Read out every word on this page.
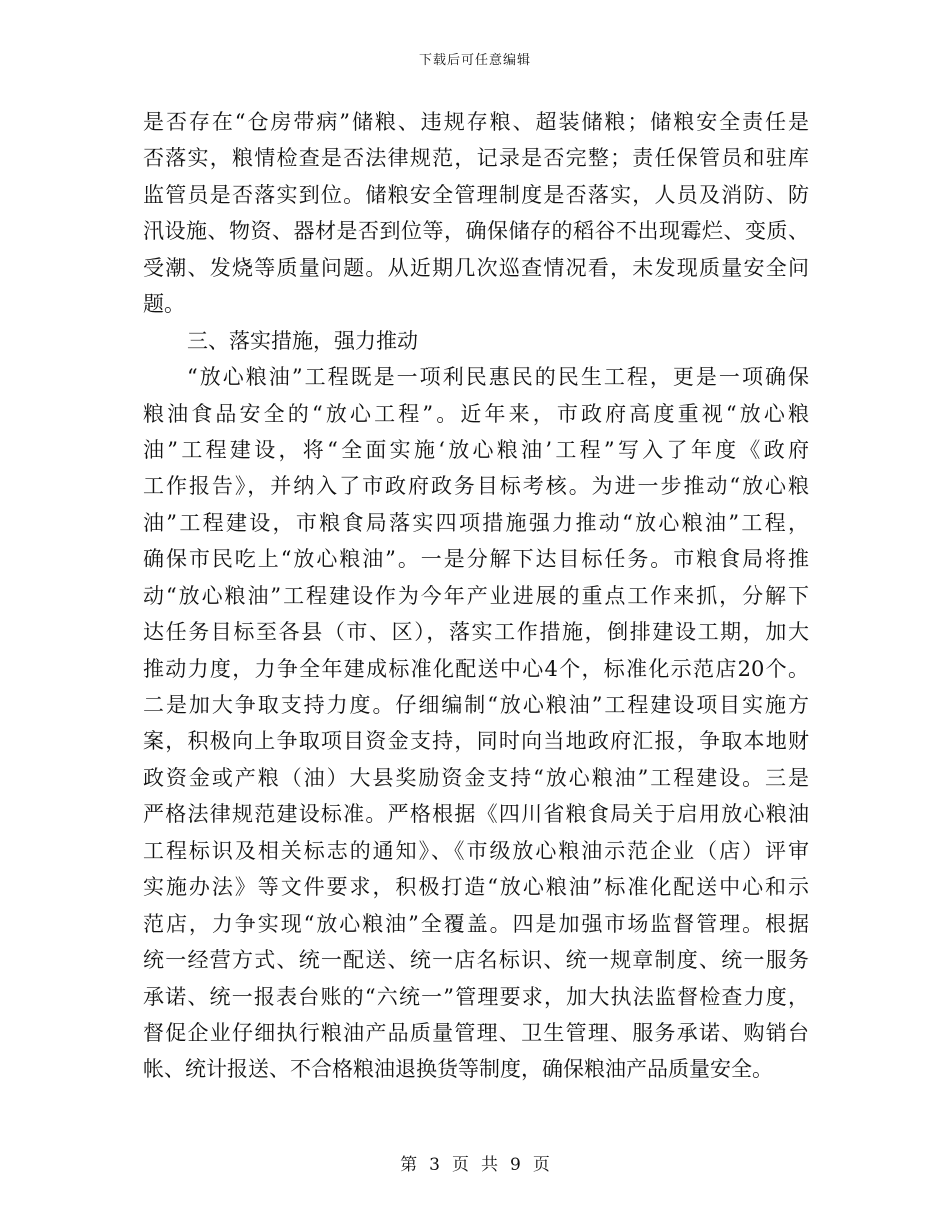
下载后可任意编辑
是否存在“仓房带病”储粮、违规存粮、超装储粮；储粮安全责任是
否落实，粮情检查是否法律规范，记录是否完整；责任保管员和驻库
监管员是否落实到位。储粮安全管理制度是否落实，人员及消防、防
汛设施、物资、器材是否到位等，确保储存的稻谷不出现霉烂、变质、
受潮、发烧等质量问题。从近期几次巡查情况看，未发现质量安全问
题。
三、落实措施，强力推动
“放心粮油”工程既是一项利民惠民的民生工程，更是一项确保
粮油食品安全的“放心工程”。近年来，市政府高度重视“放心粮
油”工程建设，将“全面实施‘放心粮油’工程”写入了年度《政府
工作报告》，并纳入了市政府政务目标考核。为进一步推动“放心粮
油”工程建设，市粮食局落实四项措施强力推动“放心粮油”工程，
确保市民吃上“放心粮油”。一是分解下达目标任务。市粮食局将推
动“放心粮油”工程建设作为今年产业进展的重点工作来抓，分解下
达任务目标至各县（市、区），落实工作措施，倒排建设工期，加大
推动力度，力争全年建成标准化配送中心4个，标准化示范店20个。
二是加大争取支持力度。仔细编制“放心粮油”工程建设项目实施方
案，积极向上争取项目资金支持，同时向当地政府汇报，争取本地财
政资金或产粮（油）大县奖励资金支持“放心粮油”工程建设。三是
严格法律规范建设标准。严格根据《四川省粮食局关于启用放心粮油
工程标识及相关标志的通知》、《市级放心粮油示范企业（店）评审
实施办法》等文件要求，积极打造“放心粮油”标准化配送中心和示
范店，力争实现“放心粮油”全覆盖。四是加强市场监督管理。根据
统一经营方式、统一配送、统一店名标识、统一规章制度、统一服务
承诺、统一报表台账的“六统一”管理要求，加大执法监督检查力度，
督促企业仔细执行粮油产品质量管理、卫生管理、服务承诺、购销台
帐、统计报送、不合格粮油退换货等制度，确保粮油产品质量安全。
第 3 页 共 9 页
